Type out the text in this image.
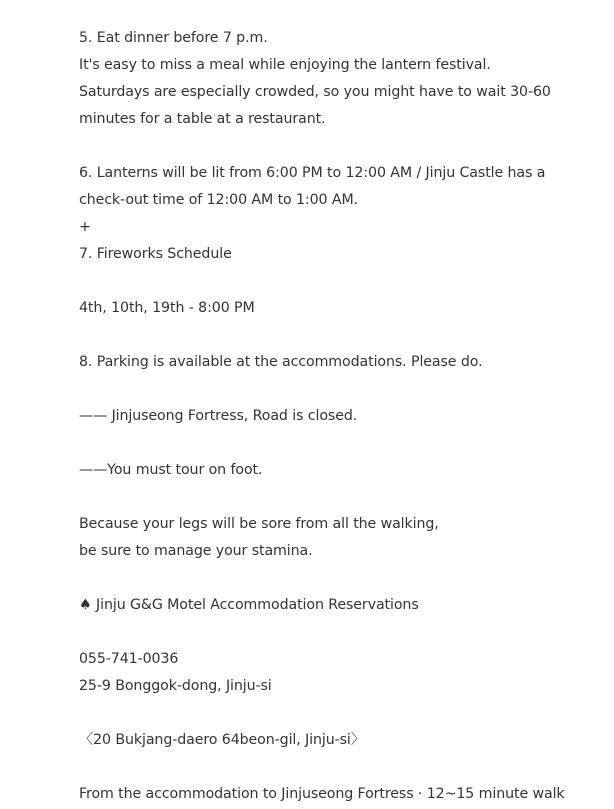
5. Eat dinner before 7 p.m.
It's easy to miss a meal while enjoying the lantern festival.
Saturdays are especially crowded, so you might have to wait 30-60
minutes for a table at a restaurant.
6. Lanterns will be lit from 6:00 PM to 12:00 AM / Jinju Castle has a
check-out time of 12:00 AM to 1:00 AM.
+
7. Fireworks Schedule
4th, 10th, 19th - 8:00 PM
8. Parking is available at the accommodations. Please do.
—— Jinjuseong Fortress, Road is closed.
——You must tour on foot.
Because your legs will be sore from all the walking,
be sure to manage your stamina.
♠ Jinju G&G Motel Accommodation Reservations
055-741-0036
25-9 Bonggok-dong, Jinju-si
〈20 Bukjang-daero 64beon-gil, Jinju-si〉
From the accommodation to Jinjuseong Fortress · 12~15 minute walk
